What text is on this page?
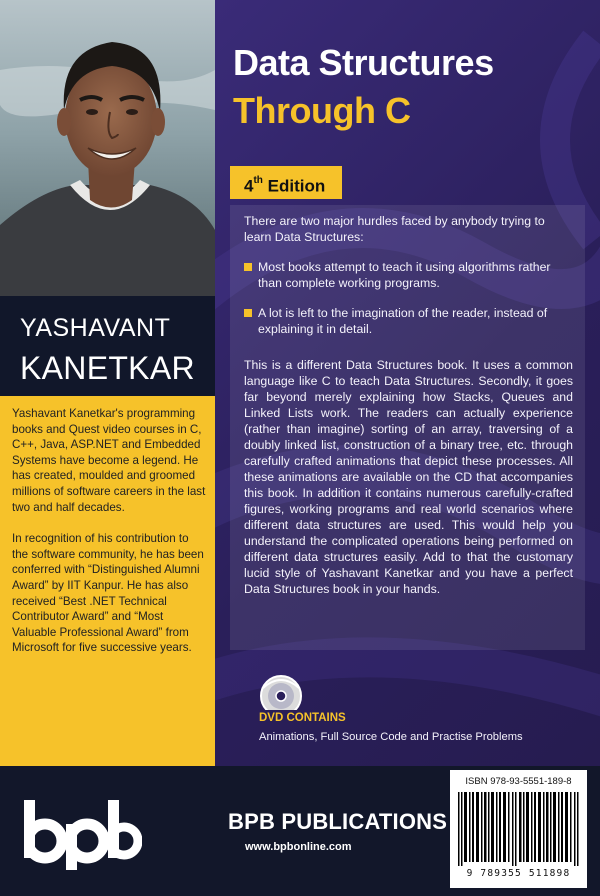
YASHAVANT
KANETKAR

Yashavant Kanetkar's programming books and Quest video courses in C, C++, Java, ASP.NET and Embedded Systems have become a legend. He has created, moulded and groomed millions of software careers in the last two and half decades.

In recognition of his contribution to the software community, he has been conferred with “Distinguished Alumni Award” by IIT Kanpur. He has also received “Best .NET Technical Contributor Award” and “Most Valuable Professional Award” from Microsoft for five successive years.

Data Structures
Through C
4th Edition

There are two major hurdles faced by anybody trying to learn Data Structures:

Most books attempt to teach it using algorithms rather than complete working programs.

A lot is left to the imagination of the reader, instead of explaining it in detail.

This is a different Data Structures book. It uses a common language like C to teach Data Structures. Secondly, it goes far beyond merely explaining how Stacks, Queues and Linked Lists work. The readers can actually experience (rather than imagine) sorting of an array, traversing of a doubly linked list, construction of a binary tree, etc. through carefully crafted animations that depict these processes. All these animations are available on the CD that accompanies this book. In addition it contains numerous carefully-crafted figures, working programs and real world scenarios where different data structures are used. This would help you understand the complicated operations being performed on different data structures easily. Add to that the customary lucid style of Yashavant Kanetkar and you have a perfect Data Structures book in your hands.

DVD CONTAINS
Animations, Full Source Code and Practise Problems
BPB PUBLICATIONS
www.bpbonline.com
ISBN 978-93-5551-189-8
9 789355 511898
